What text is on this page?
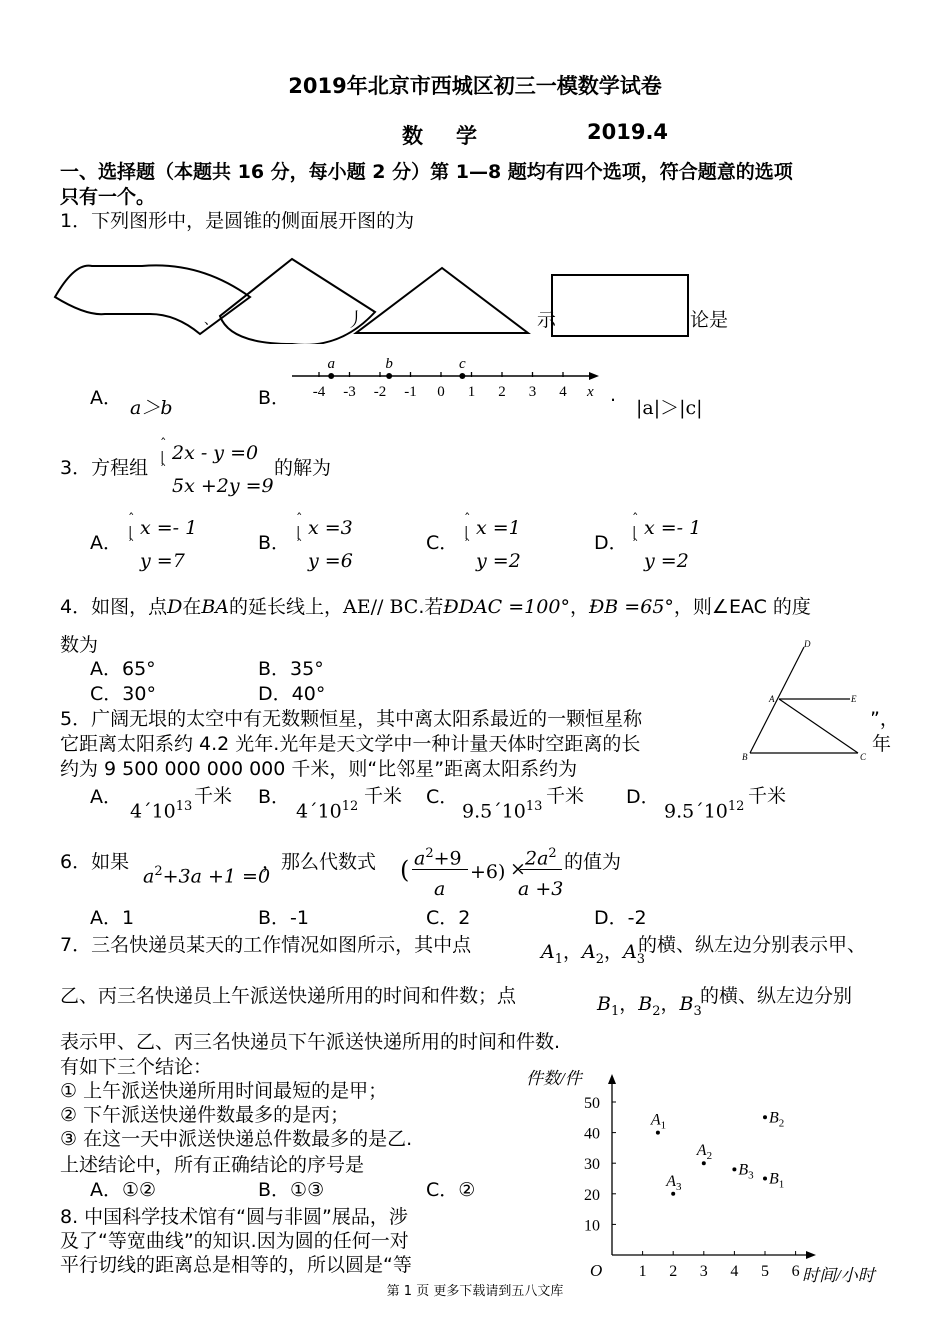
2019年北京市西城区初三一模数学试卷
数　学	2019.4
一、选择题（本题共 16 分，每小题 2 分）第 1—8 题均有四个选项，符合题意的选项
只有一个。
1．下列图形中，是圆锥的侧面展开图的为
、	丿	示	论是
A． a＞b	B． -4 -3 -2 -1 0 1 2 3 4
a	b	c
x .
|a|＞|c|
3．方程组
ˆ
|
ˆ
2x - y =0
5x +2y =9
的解为
A．
ˆ
|
ˆ
x =- 1
y =7
B．
ˆ
|
ˆ
x =3
y =6
C．
ˆ
|
ˆ
x =1
y =2
D．
ˆ
|
ˆ
x =- 1
y =2
4．如图，点D在BA的延长线上，AE// BC.若ÐDAC =100°，ÐB =65°，则∠EAC 的度
数为
A．65°	B．35°
C．30°	D．40°
5．广阔无垠的太空中有无数颗恒星，其中离太阳系最近的一颗恒星称	”，
它距离太阳系约 4.2 光年.光年是天文学中一种计量天体时空距离的长	年
约为 9 500 000 000 000 千米，则“比邻星”距离太阳系约为
D
A	E
B	C
A．
$4´10^{13}$ 千米 B．
$4´10^{12}$ 千米 C．
$9.5´10^{13}$ 千米 D．
$9.5´10^{12}$ 千米
6．如果
$a^2+3a +1 =0$
，那么代数式 ( $a^2+9$
a
$+6) \times 2a^2$
a +3
的值为
A．1	B．-1	C．2	D．-2
7．三名快递员某天的工作情况如图所示，其中点	$A_1$，$A_2$，$A_3$
的横、纵左边分别表示甲、
乙、丙三名快递员上午派送快递所用的时间和件数；点	$B_1$，$B_2$，$B_3$
的横、纵左边分别
表示甲、乙、丙三名快递员下午派送快递所用的时间和件数.
有如下三个结论：
① 上午派送快递所用时间最短的是甲；
② 下午派送快递件数最多的是丙；
③ 在这一天中派送快递总件数最多的是乙.
上述结论中，所有正确结论的序号是
A．①②	B．①③	C．②
8. 中国科学技术馆有“圆与非圆”展品，涉
及了“等宽曲线”的知识.因为圆的任何一对
平行切线的距离总是相等的，所以圆是“等
件数/件
时间/小时
O 1 2 3 4 5 6
10
20
30
40
50
$A_1$
$A_2$
$A_3$	$B_1$
$B_2$
$B_3$
第 1 页 更多下载请到五八文库
